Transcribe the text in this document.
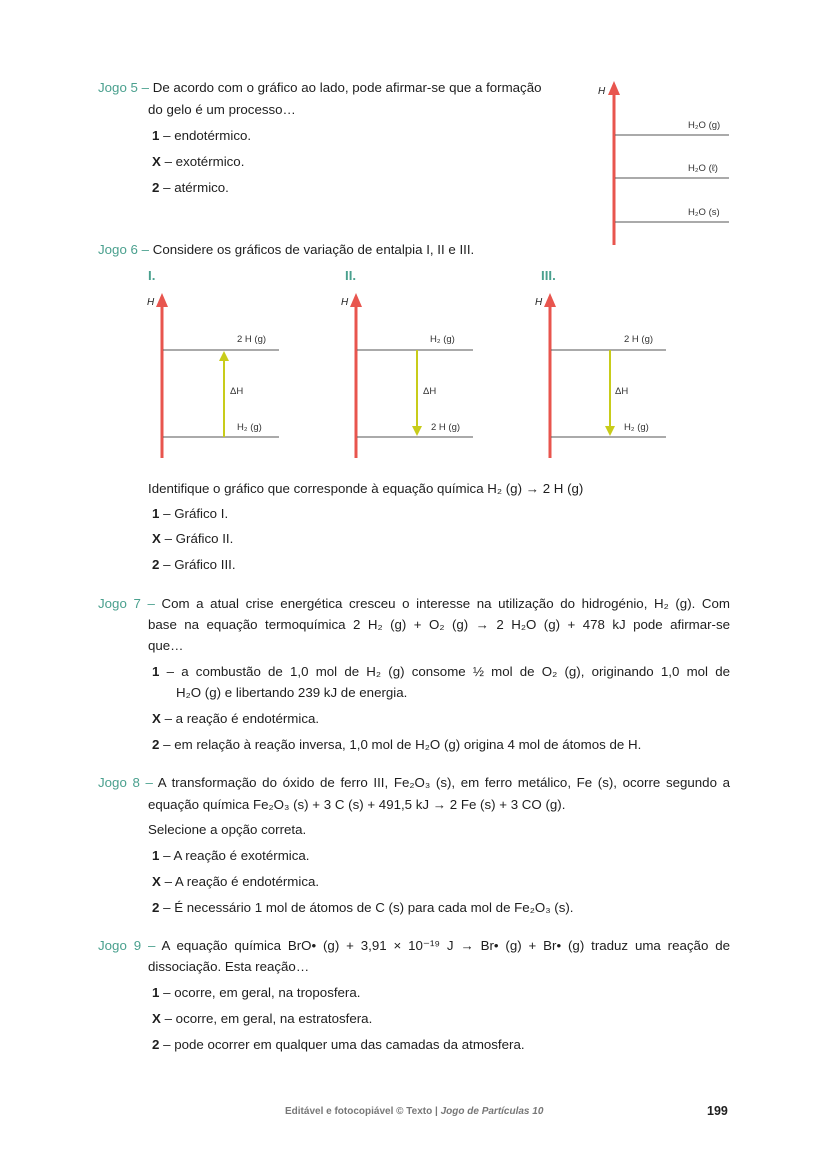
Jogo 5 – De acordo com o gráfico ao lado, pode afirmar-se que a formação
do gelo é um processo…
1 – endotérmico.
X – exotérmico.
2 – atérmico.
H
H₂O (g)
H₂O (ℓ)
H₂O (s)
Jogo 6 – Considere os gráficos de variação de entalpia I, II e III.
I.
H
2 H (g)
H₂ (g)
ΔH
II.
H
H₂ (g)
2 H (g)
ΔH
III.
H
2 H (g)
H₂ (g)
ΔH
Identifique o gráfico que corresponde à equação química H₂ (g) → 2 H (g)
1 – Gráfico I.
X – Gráfico II.
2 – Gráfico III.
Jogo 7 – Com a atual crise energética cresceu o interesse na utilização do hidrogénio, H₂ (g). Com
base na equação termoquímica 2 H₂ (g) + O₂ (g) → 2 H₂O (g) + 478 kJ pode afirmar-se
que…
1 – a combustão de 1,0 mol de H₂ (g) consome ½ mol de O₂ (g), originando 1,0 mol de
H₂O (g) e libertando 239 kJ de energia.
X – a reação é endotérmica.
2 – em relação à reação inversa, 1,0 mol de H₂O (g) origina 4 mol de átomos de H.
Jogo 8 – A transformação do óxido de ferro III, Fe₂O₃ (s), em ferro metálico, Fe (s), ocorre segundo a
equação química Fe₂O₃ (s) + 3 C (s) + 491,5 kJ → 2 Fe (s) + 3 CO (g).
Selecione a opção correta.
1 – A reação é exotérmica.
X – A reação é endotérmica.
2 – É necessário 1 mol de átomos de C (s) para cada mol de Fe₂O₃ (s).
Jogo 9 – A equação química BrO• (g) + 3,91 × 10⁻¹⁹ J → Br• (g) + Br• (g) traduz uma reação de
dissociação. Esta reação…
1 – ocorre, em geral, na troposfera.
X – ocorre, em geral, na estratosfera.
2 – pode ocorrer em qualquer uma das camadas da atmosfera.
Editável e fotocopiável © Texto | Jogo de Partículas 10	199
